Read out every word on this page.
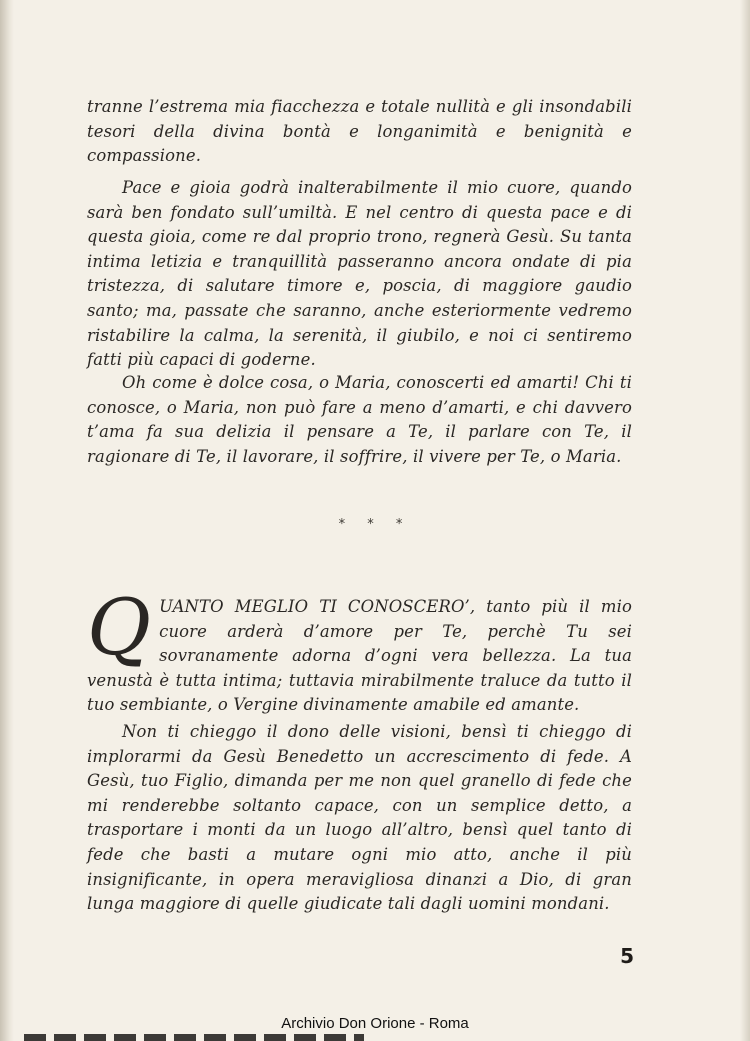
tranne l’estrema mia fiacchezza e totale nullità e gli insondabili tesori della divina bontà e longanimità e benignità e compassione.

Pace e gioia godrà inalterabilmente il mio cuore, quando sarà ben fondato sull’umiltà. E nel centro di questa pace e di questa gioia, come re dal proprio trono, regnerà Gesù. Su tanta intima letizia e tranquillità passeranno ancora ondate di pia tristezza, di salutare timore e, poscia, di maggiore gaudio santo; ma, passate che saranno, anche esteriormente vedremo ristabilire la calma, la serenità, il giubilo, e noi ci sentiremo fatti più capaci di goderne.

Oh come è dolce cosa, o Maria, conoscerti ed amarti! Chi ti conosce, o Maria, non può fare a meno d’amarti, e chi davvero t’ama fa sua delizia il pensare a Te, il parlare con Te, il ragionare di Te, il lavorare, il soffrire, il vivere per Te, o Maria.

* * *
QUANTO MEGLIO TI CONOSCERO’, tanto più il mio cuore arderà d’amore per Te, perchè Tu sei sovranamente adorna d’ogni vera bellezza. La tua venustà è tutta intima; tuttavia mirabilmente traluce da tutto il tuo sembiante, o Vergine divinamente amabile ed amante.

Non ti chieggo il dono delle visioni, bensì ti chieggo di implorarmi da Gesù Benedetto un accrescimento di fede. A Gesù, tuo Figlio, dimanda per me non quel granello di fede che mi renderebbe soltanto capace, con un semplice detto, a trasportare i monti da un luogo all’altro, bensì quel tanto di fede che basti a mutare ogni mio atto, anche il più insignificante, in opera meravigliosa dinanzi a Dio, di gran lunga maggiore di quelle giudicate tali dagli uomini mondani.

5
Archivio Don Orione - Roma
